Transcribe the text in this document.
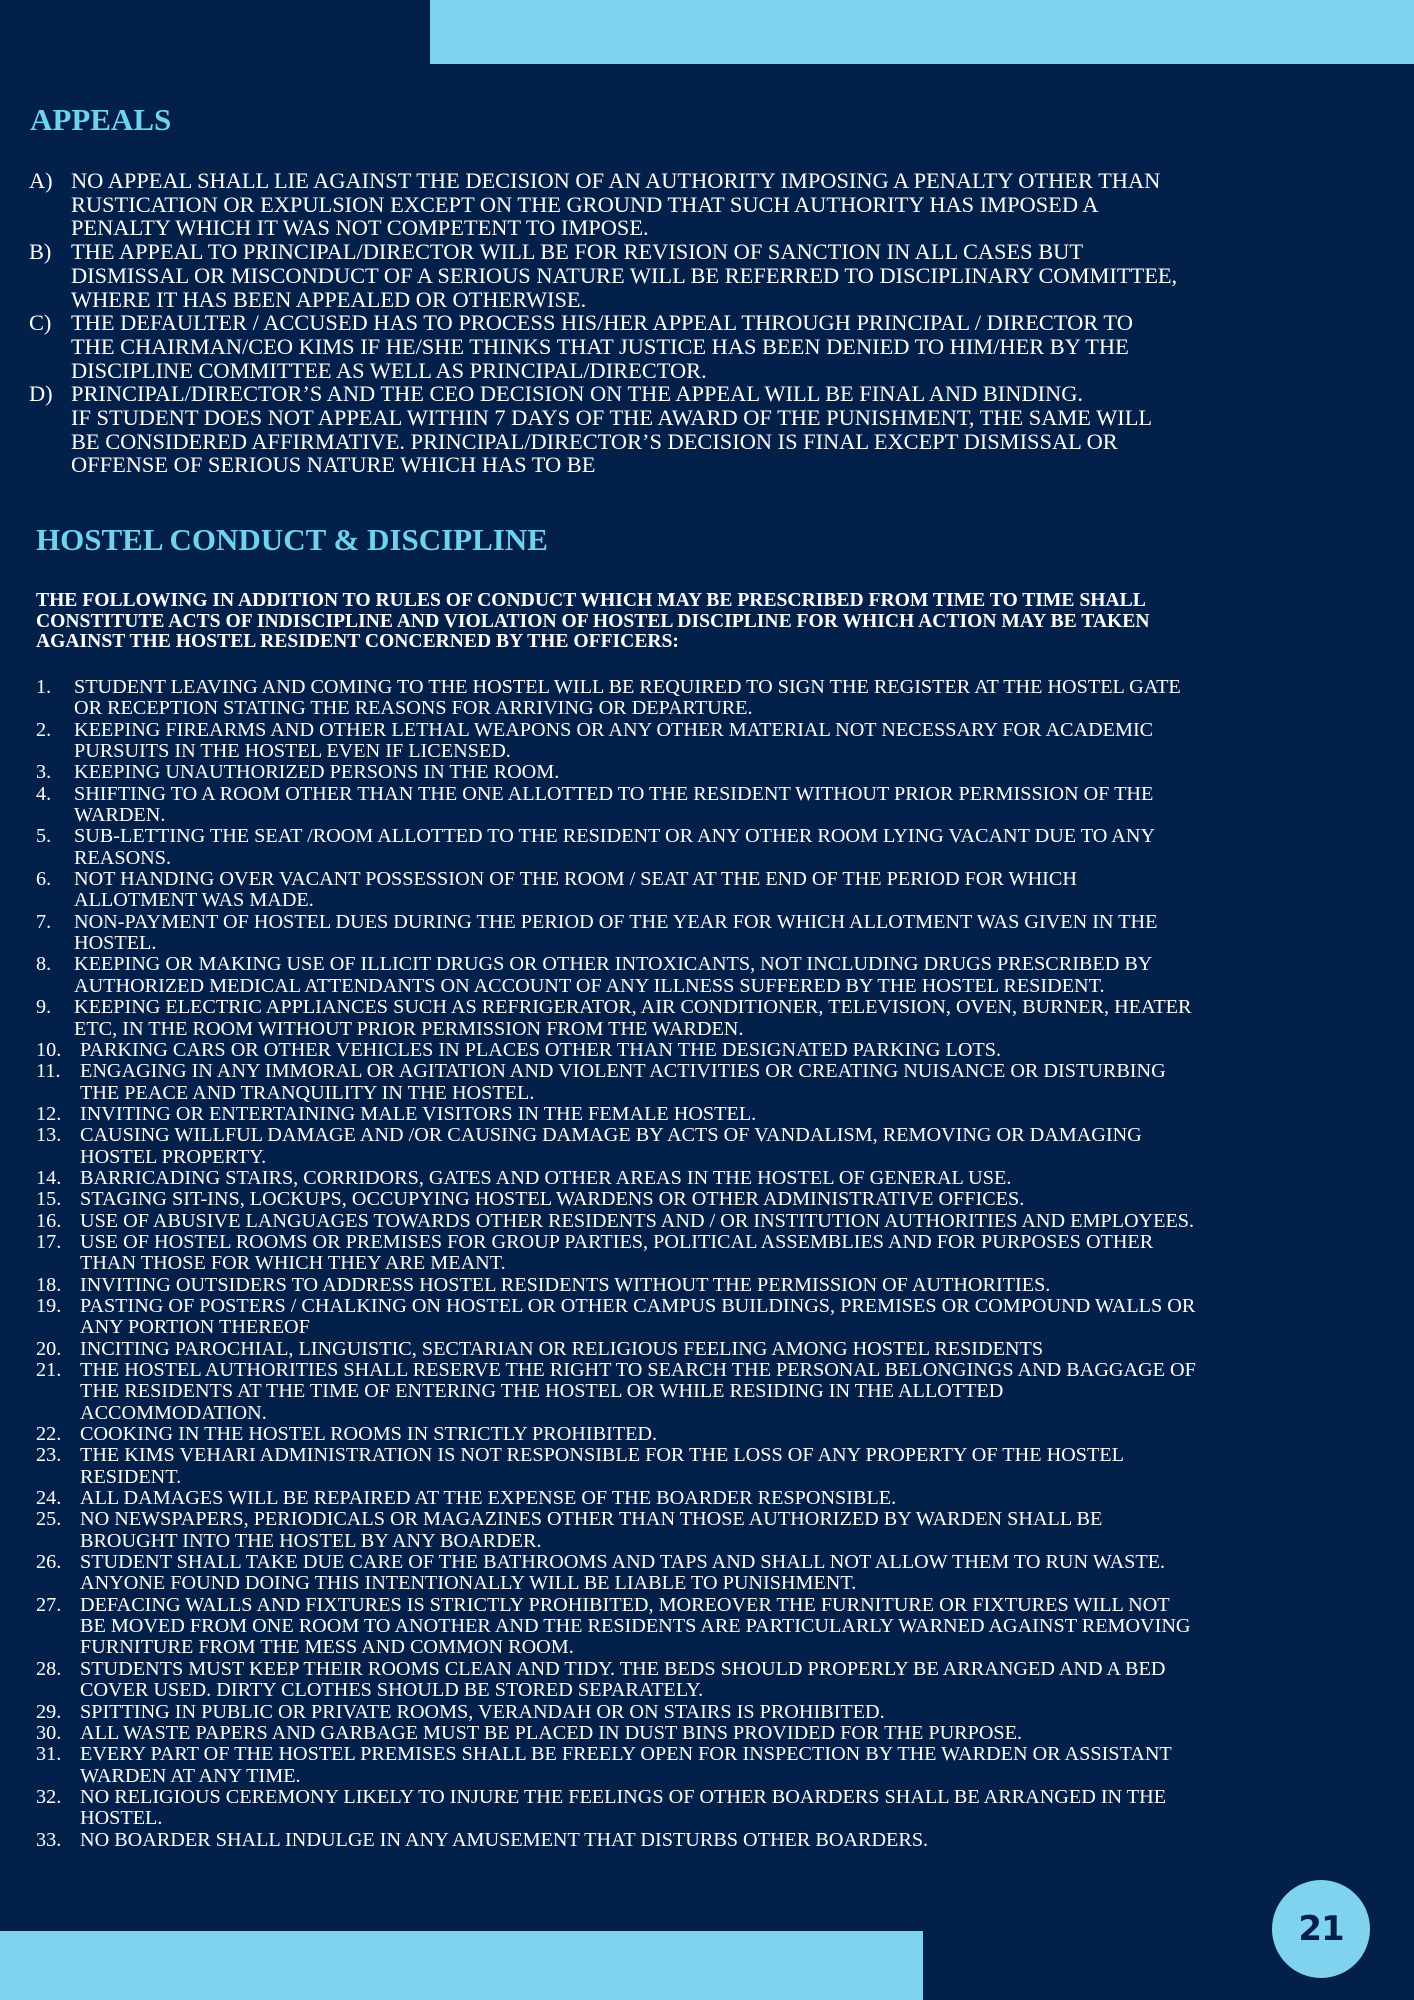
APPEALS
A) NO APPEAL SHALL LIE AGAINST THE DECISION OF AN AUTHORITY IMPOSING A PENALTY OTHER THAN
RUSTICATION OR EXPULSION EXCEPT ON THE GROUND THAT SUCH AUTHORITY HAS IMPOSED A
PENALTY WHICH IT WAS NOT COMPETENT TO IMPOSE.
B) THE APPEAL TO PRINCIPAL/DIRECTOR WILL BE FOR REVISION OF SANCTION IN ALL CASES BUT
DISMISSAL OR MISCONDUCT OF A SERIOUS NATURE WILL BE REFERRED TO DISCIPLINARY COMMITTEE,
WHERE IT HAS BEEN APPEALED OR OTHERWISE.
C) THE DEFAULTER / ACCUSED HAS TO PROCESS HIS/HER APPEAL THROUGH PRINCIPAL / DIRECTOR TO
THE CHAIRMAN/CEO KIMS IF HE/SHE THINKS THAT JUSTICE HAS BEEN DENIED TO HIM/HER BY THE
DISCIPLINE COMMITTEE AS WELL AS PRINCIPAL/DIRECTOR.
D) PRINCIPAL/DIRECTOR’S AND THE CEO DECISION ON THE APPEAL WILL BE FINAL AND BINDING.
IF STUDENT DOES NOT APPEAL WITHIN 7 DAYS OF THE AWARD OF THE PUNISHMENT, THE SAME WILL
BE CONSIDERED AFFIRMATIVE. PRINCIPAL/DIRECTOR’S DECISION IS FINAL EXCEPT DISMISSAL OR
OFFENSE OF SERIOUS NATURE WHICH HAS TO BE
HOSTEL CONDUCT & DISCIPLINE
THE FOLLOWING IN ADDITION TO RULES OF CONDUCT WHICH MAY BE PRESCRIBED FROM TIME TO TIME SHALL
CONSTITUTE ACTS OF INDISCIPLINE AND VIOLATION OF HOSTEL DISCIPLINE FOR WHICH ACTION MAY BE TAKEN
AGAINST THE HOSTEL RESIDENT CONCERNED BY THE OFFICERS:
1. STUDENT LEAVING AND COMING TO THE HOSTEL WILL BE REQUIRED TO SIGN THE REGISTER AT THE HOSTEL GATE
OR RECEPTION STATING THE REASONS FOR ARRIVING OR DEPARTURE.
2. KEEPING FIREARMS AND OTHER LETHAL WEAPONS OR ANY OTHER MATERIAL NOT NECESSARY FOR ACADEMIC
PURSUITS IN THE HOSTEL EVEN IF LICENSED.
3. KEEPING UNAUTHORIZED PERSONS IN THE ROOM.
4. SHIFTING TO A ROOM OTHER THAN THE ONE ALLOTTED TO THE RESIDENT WITHOUT PRIOR PERMISSION OF THE
WARDEN.
5. SUB-LETTING THE SEAT /ROOM ALLOTTED TO THE RESIDENT OR ANY OTHER ROOM LYING VACANT DUE TO ANY
REASONS.
6. NOT HANDING OVER VACANT POSSESSION OF THE ROOM / SEAT AT THE END OF THE PERIOD FOR WHICH
ALLOTMENT WAS MADE.
7. NON-PAYMENT OF HOSTEL DUES DURING THE PERIOD OF THE YEAR FOR WHICH ALLOTMENT WAS GIVEN IN THE
HOSTEL.
8. KEEPING OR MAKING USE OF ILLICIT DRUGS OR OTHER INTOXICANTS, NOT INCLUDING DRUGS PRESCRIBED BY
AUTHORIZED MEDICAL ATTENDANTS ON ACCOUNT OF ANY ILLNESS SUFFERED BY THE HOSTEL RESIDENT.
9. KEEPING ELECTRIC APPLIANCES SUCH AS REFRIGERATOR, AIR CONDITIONER, TELEVISION, OVEN, BURNER, HEATER
ETC, IN THE ROOM WITHOUT PRIOR PERMISSION FROM THE WARDEN.
10. PARKING CARS OR OTHER VEHICLES IN PLACES OTHER THAN THE DESIGNATED PARKING LOTS.
11. ENGAGING IN ANY IMMORAL OR AGITATION AND VIOLENT ACTIVITIES OR CREATING NUISANCE OR DISTURBING
THE PEACE AND TRANQUILITY IN THE HOSTEL.
12. INVITING OR ENTERTAINING MALE VISITORS IN THE FEMALE HOSTEL.
13. CAUSING WILLFUL DAMAGE AND /OR CAUSING DAMAGE BY ACTS OF VANDALISM, REMOVING OR DAMAGING
HOSTEL PROPERTY.
14. BARRICADING STAIRS, CORRIDORS, GATES AND OTHER AREAS IN THE HOSTEL OF GENERAL USE.
15. STAGING SIT-INS, LOCKUPS, OCCUPYING HOSTEL WARDENS OR OTHER ADMINISTRATIVE OFFICES.
16. USE OF ABUSIVE LANGUAGES TOWARDS OTHER RESIDENTS AND / OR INSTITUTION AUTHORITIES AND EMPLOYEES.
17. USE OF HOSTEL ROOMS OR PREMISES FOR GROUP PARTIES, POLITICAL ASSEMBLIES AND FOR PURPOSES OTHER
THAN THOSE FOR WHICH THEY ARE MEANT.
18. INVITING OUTSIDERS TO ADDRESS HOSTEL RESIDENTS WITHOUT THE PERMISSION OF AUTHORITIES.
19. PASTING OF POSTERS / CHALKING ON HOSTEL OR OTHER CAMPUS BUILDINGS, PREMISES OR COMPOUND WALLS OR
ANY PORTION THEREOF
20. INCITING PAROCHIAL, LINGUISTIC, SECTARIAN OR RELIGIOUS FEELING AMONG HOSTEL RESIDENTS
21. THE HOSTEL AUTHORITIES SHALL RESERVE THE RIGHT TO SEARCH THE PERSONAL BELONGINGS AND BAGGAGE OF
THE RESIDENTS AT THE TIME OF ENTERING THE HOSTEL OR WHILE RESIDING IN THE ALLOTTED
ACCOMMODATION.
22. COOKING IN THE HOSTEL ROOMS IN STRICTLY PROHIBITED.
23. THE KIMS VEHARI ADMINISTRATION IS NOT RESPONSIBLE FOR THE LOSS OF ANY PROPERTY OF THE HOSTEL
RESIDENT.
24. ALL DAMAGES WILL BE REPAIRED AT THE EXPENSE OF THE BOARDER RESPONSIBLE.
25. NO NEWSPAPERS, PERIODICALS OR MAGAZINES OTHER THAN THOSE AUTHORIZED BY WARDEN SHALL BE
BROUGHT INTO THE HOSTEL BY ANY BOARDER.
26. STUDENT SHALL TAKE DUE CARE OF THE BATHROOMS AND TAPS AND SHALL NOT ALLOW THEM TO RUN WASTE.
ANYONE FOUND DOING THIS INTENTIONALLY WILL BE LIABLE TO PUNISHMENT.
27. DEFACING WALLS AND FIXTURES IS STRICTLY PROHIBITED, MOREOVER THE FURNITURE OR FIXTURES WILL NOT
BE MOVED FROM ONE ROOM TO ANOTHER AND THE RESIDENTS ARE PARTICULARLY WARNED AGAINST REMOVING
FURNITURE FROM THE MESS AND COMMON ROOM.
28. STUDENTS MUST KEEP THEIR ROOMS CLEAN AND TIDY. THE BEDS SHOULD PROPERLY BE ARRANGED AND A BED
COVER USED. DIRTY CLOTHES SHOULD BE STORED SEPARATELY.
29. SPITTING IN PUBLIC OR PRIVATE ROOMS, VERANDAH OR ON STAIRS IS PROHIBITED.
30. ALL WASTE PAPERS AND GARBAGE MUST BE PLACED IN DUST BINS PROVIDED FOR THE PURPOSE.
31. EVERY PART OF THE HOSTEL PREMISES SHALL BE FREELY OPEN FOR INSPECTION BY THE WARDEN OR ASSISTANT
WARDEN AT ANY TIME.
32. NO RELIGIOUS CEREMONY LIKELY TO INJURE THE FEELINGS OF OTHER BOARDERS SHALL BE ARRANGED IN THE
HOSTEL.
33. NO BOARDER SHALL INDULGE IN ANY AMUSEMENT THAT DISTURBS OTHER BOARDERS.
21
